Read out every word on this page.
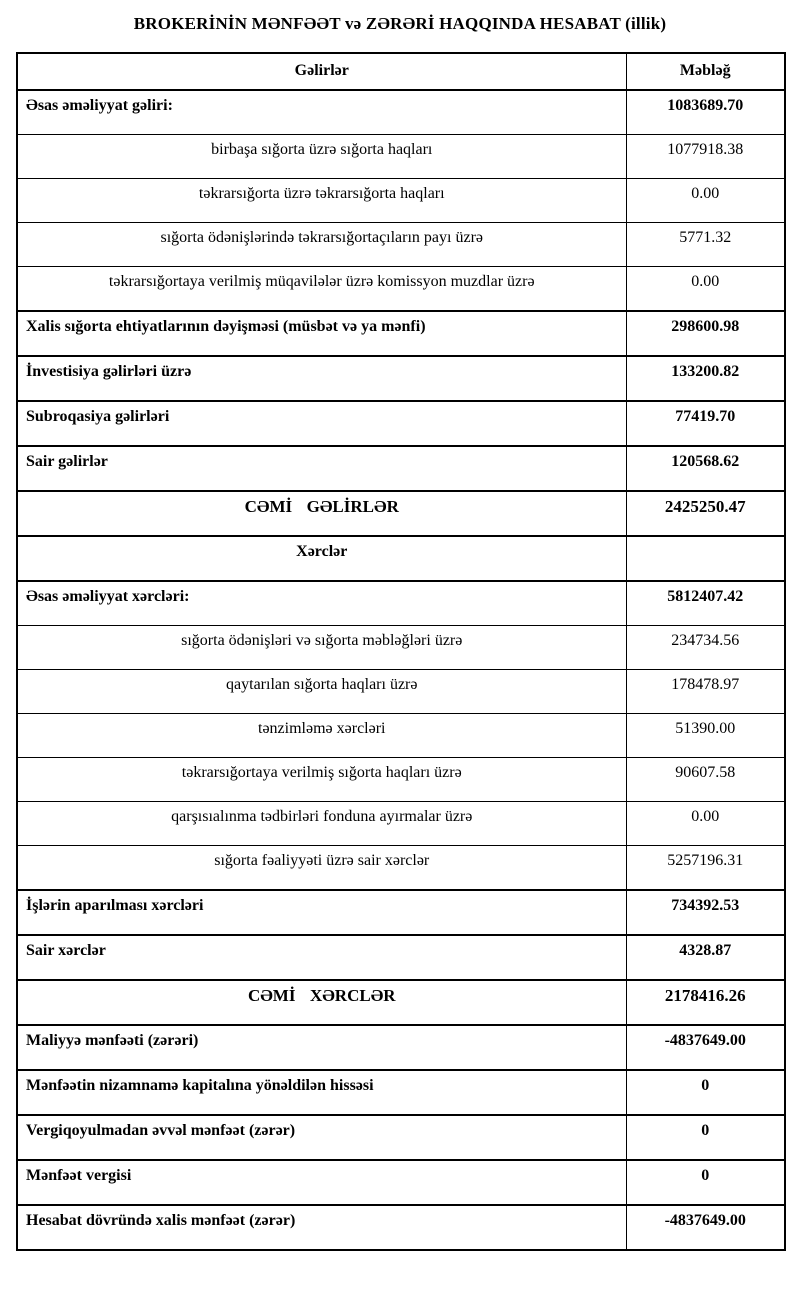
BROKERİNİN MƏNFƏƏT və ZƏRƏRİ HAQQINDA HESABAT (illik)
Gəlirlər	Məbləğ
Əsas əməliyyat gəliri:	1083689.70
birbaşa sığorta üzrə sığorta haqları	1077918.38
təkrarsığorta üzrə təkrarsığorta haqları	0.00
sığorta ödənişlərində təkrarsığortaçıların payı üzrə	5771.32
təkrarsığortaya verilmiş müqavilələr üzrə komissyon muzdlar üzrə	0.00
Xalis sığorta ehtiyatlarının dəyişməsi (müsbət və ya mənfi)	298600.98
İnvestisiya gəlirləri üzrə	133200.82
Subroqasiya gəlirləri	77419.70
Sair gəlirlər	120568.62
CƏMİ  GƏLİRLƏR	2425250.47
Xərclər	
Əsas əməliyyat xərcləri:	5812407.42
sığorta ödənişləri və sığorta məbləğləri üzrə	234734.56
qaytarılan sığorta haqları üzrə	178478.97
tənzimləmə xərcləri	51390.00
təkrarsığortaya verilmiş sığorta haqları üzrə	90607.58
qarşısıalınma tədbirləri fonduna ayırmalar üzrə	0.00
sığorta fəaliyyəti üzrə sair xərclər	5257196.31
İşlərin aparılması xərcləri	734392.53
Sair xərclər	4328.87
CƏMİ  XƏRCLƏR	2178416.26
Maliyyə mənfəəti (zərəri)	-4837649.00
Mənfəətin nizamnamə kapitalına yönəldilən hissəsi	0
Vergiqoyulmadan əvvəl mənfəət (zərər)	0
Mənfəət vergisi	0
Hesabat dövründə xalis mənfəət (zərər)	-4837649.00
